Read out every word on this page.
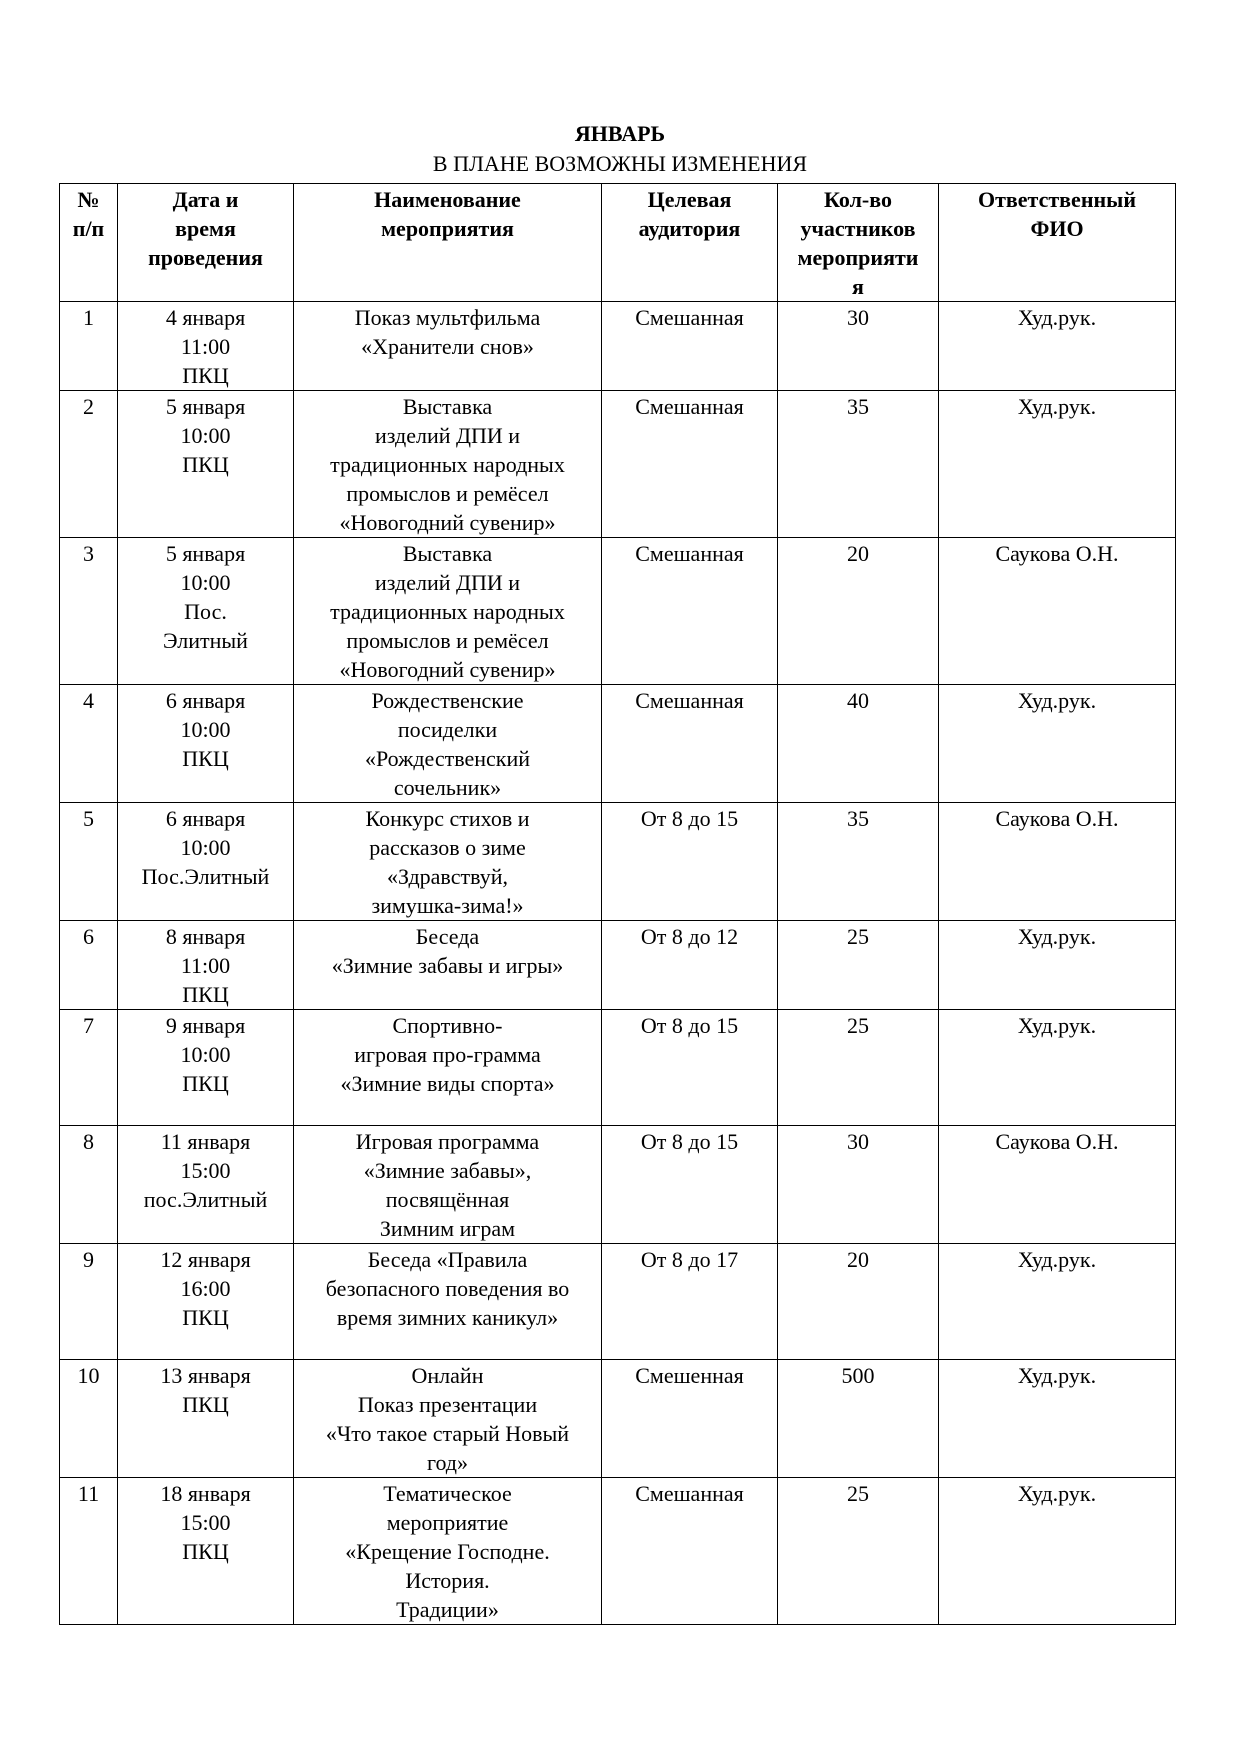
ЯНВАРЬ
В ПЛАНЕ ВОЗМОЖНЫ ИЗМЕНЕНИЯ
№
п/п	Дата и
время
проведения	Наименование
мероприятия	Целевая
аудитория	Кол-во
участников
мероприяти
я	Ответственный
ФИО
1	4 января
11:00
ПКЦ	Показ мультфильма
«Хранители снов»	Смешанная	30	Худ.рук.
2	5 января
10:00
ПКЦ	Выставка
изделий ДПИ и
традиционных народных
промыслов и ремёсел
«Новогодний сувенир»	Смешанная	35	Худ.рук.
3	5 января
10:00
Пос.
Элитный	Выставка
изделий ДПИ и
традиционных народных
промыслов и ремёсел
«Новогодний сувенир»	Смешанная	20	Саукова О.Н.
4	6 января
10:00
ПКЦ	Рождественские
посиделки
«Рождественский
сочельник»	Смешанная	40	Худ.рук.
5	6 января
10:00
Пос.Элитный	Конкурс стихов и
рассказов о зиме
«Здравствуй,
зимушка-зима!»	От 8 до 15	35	Саукова О.Н.
6	8 января
11:00
ПКЦ	Беседа
«Зимние забавы и игры»	От 8 до 12	25	Худ.рук.
7	9 января
10:00
ПКЦ	Спортивно-
игровая про-грамма
«Зимние виды спорта»	От 8 до 15	25	Худ.рук.
8	11 января
15:00
пос.Элитный	Игровая программа
«Зимние забавы»,
посвящённая
Зимним играм	От 8 до 15	30	Саукова О.Н.
9	12 января
16:00
ПКЦ	Беседа «Правила
безопасного поведения во
время зимних каникул»	От 8 до 17	20	Худ.рук.
10	13 января
ПКЦ	Онлайн
Показ презентации
«Что такое старый Новый
год»	Смешенная	500	Худ.рук.
11	18 января
15:00
ПКЦ	Тематическое
мероприятие
«Крещение Господне.
История.
Традиции»	Смешанная	25	Худ.рук.
